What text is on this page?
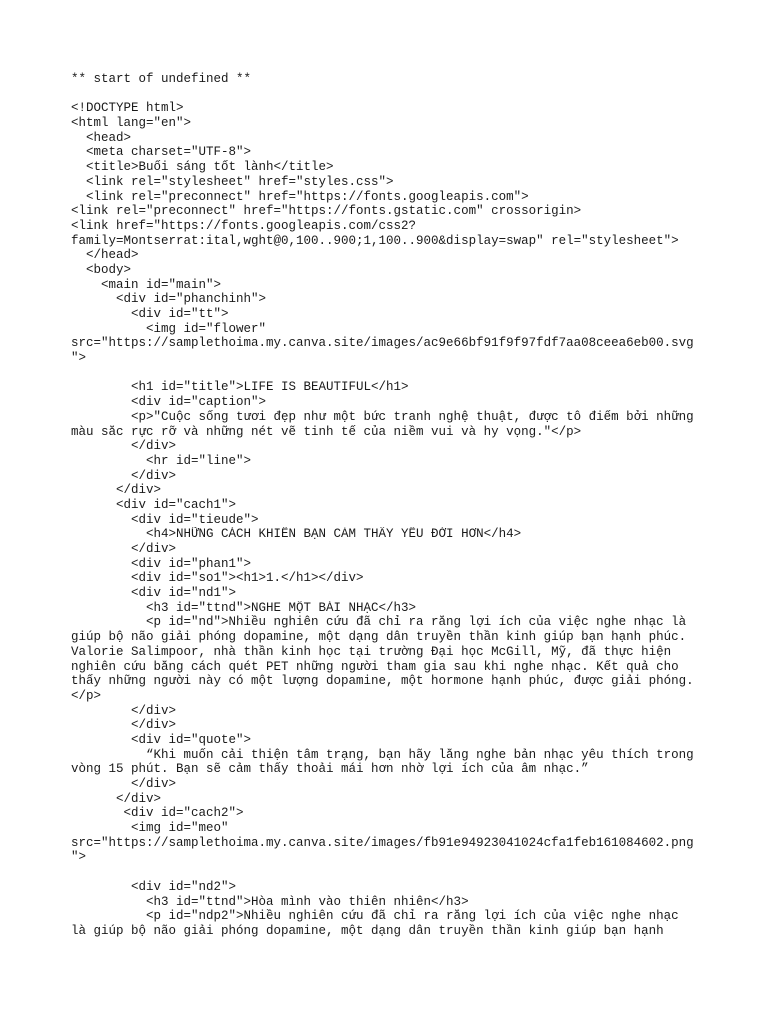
** start of undefined **
<!DOCTYPE html>
<html lang="en">
<head>
<meta charset="UTF-8">
<title>Buổi sáng tốt lành</title>
<link rel="stylesheet" href="styles.css">
<link rel="preconnect" href="https://fonts.googleapis.com">
<link rel="preconnect" href="https://fonts.gstatic.com" crossorigin>
<link href="https://fonts.googleapis.com/css2?
family=Montserrat:ital,wght@0,100..900;1,100..900&display=swap" rel="stylesheet">
</head>
<body>
<main id="main">
<div id="phanchinh">
<div id="tt">
<img id="flower"
src="https://samplethoima.my.canva.site/images/ac9e66bf91f9f97fdf7aa08ceea6eb00.svg
">
<h1 id="title">LIFE IS BEAUTIFUL</h1>
<div id="caption">
<p>"Cuộc sống tươi đẹp như một bức tranh nghệ thuật, được tô điểm bởi những
màu sắc rực rỡ và những nét vẽ tinh tế của niềm vui và hy vọng."</p>
</div>
<hr id="line">
</div>
</div>
<div id="cach1">
<div id="tieude">
<h4>NHỮNG CÁCH KHIẾN BẠN CẢM THẤY YÊU ĐỜI HƠN</h4>
</div>
<div id="phan1">
<div id="so1"><h1>1.</h1></div>
<div id="nd1">
<h3 id="ttnd">NGHE MỘT BÀI NHẠC</h3>
<p id="nd">Nhiều nghiên cứu đã chỉ ra rằng lợi ích của việc nghe nhạc là
giúp bộ não giải phóng dopamine, một dạng dẫn truyền thần kinh giúp bạn hạnh phúc.
Valorie Salimpoor, nhà thần kinh học tại trường Đại học McGill, Mỹ, đã thực hiện
nghiên cứu bằng cách quét PET những người tham gia sau khi nghe nhạc. Kết quả cho
thấy những người này có một lượng dopamine, một hormone hạnh phúc, được giải phóng.
</p>
</div>
</div>
<div id="quote">
“Khi muốn cải thiện tâm trạng, bạn hãy lắng nghe bản nhạc yêu thích trong
vòng 15 phút. Bạn sẽ cảm thấy thoải mái hơn nhờ lợi ích của âm nhạc.”
</div>
</div>
<div id="cach2">
<img id="meo"
src="https://samplethoima.my.canva.site/images/fb91e94923041024cfa1feb161084602.png
">
<div id="nd2">
<h3 id="ttnd">Hòa mình vào thiên nhiên</h3>
<p id="ndp2">Nhiều nghiên cứu đã chỉ ra rằng lợi ích của việc nghe nhạc
là giúp bộ não giải phóng dopamine, một dạng dẫn truyền thần kinh giúp bạn hạnh
